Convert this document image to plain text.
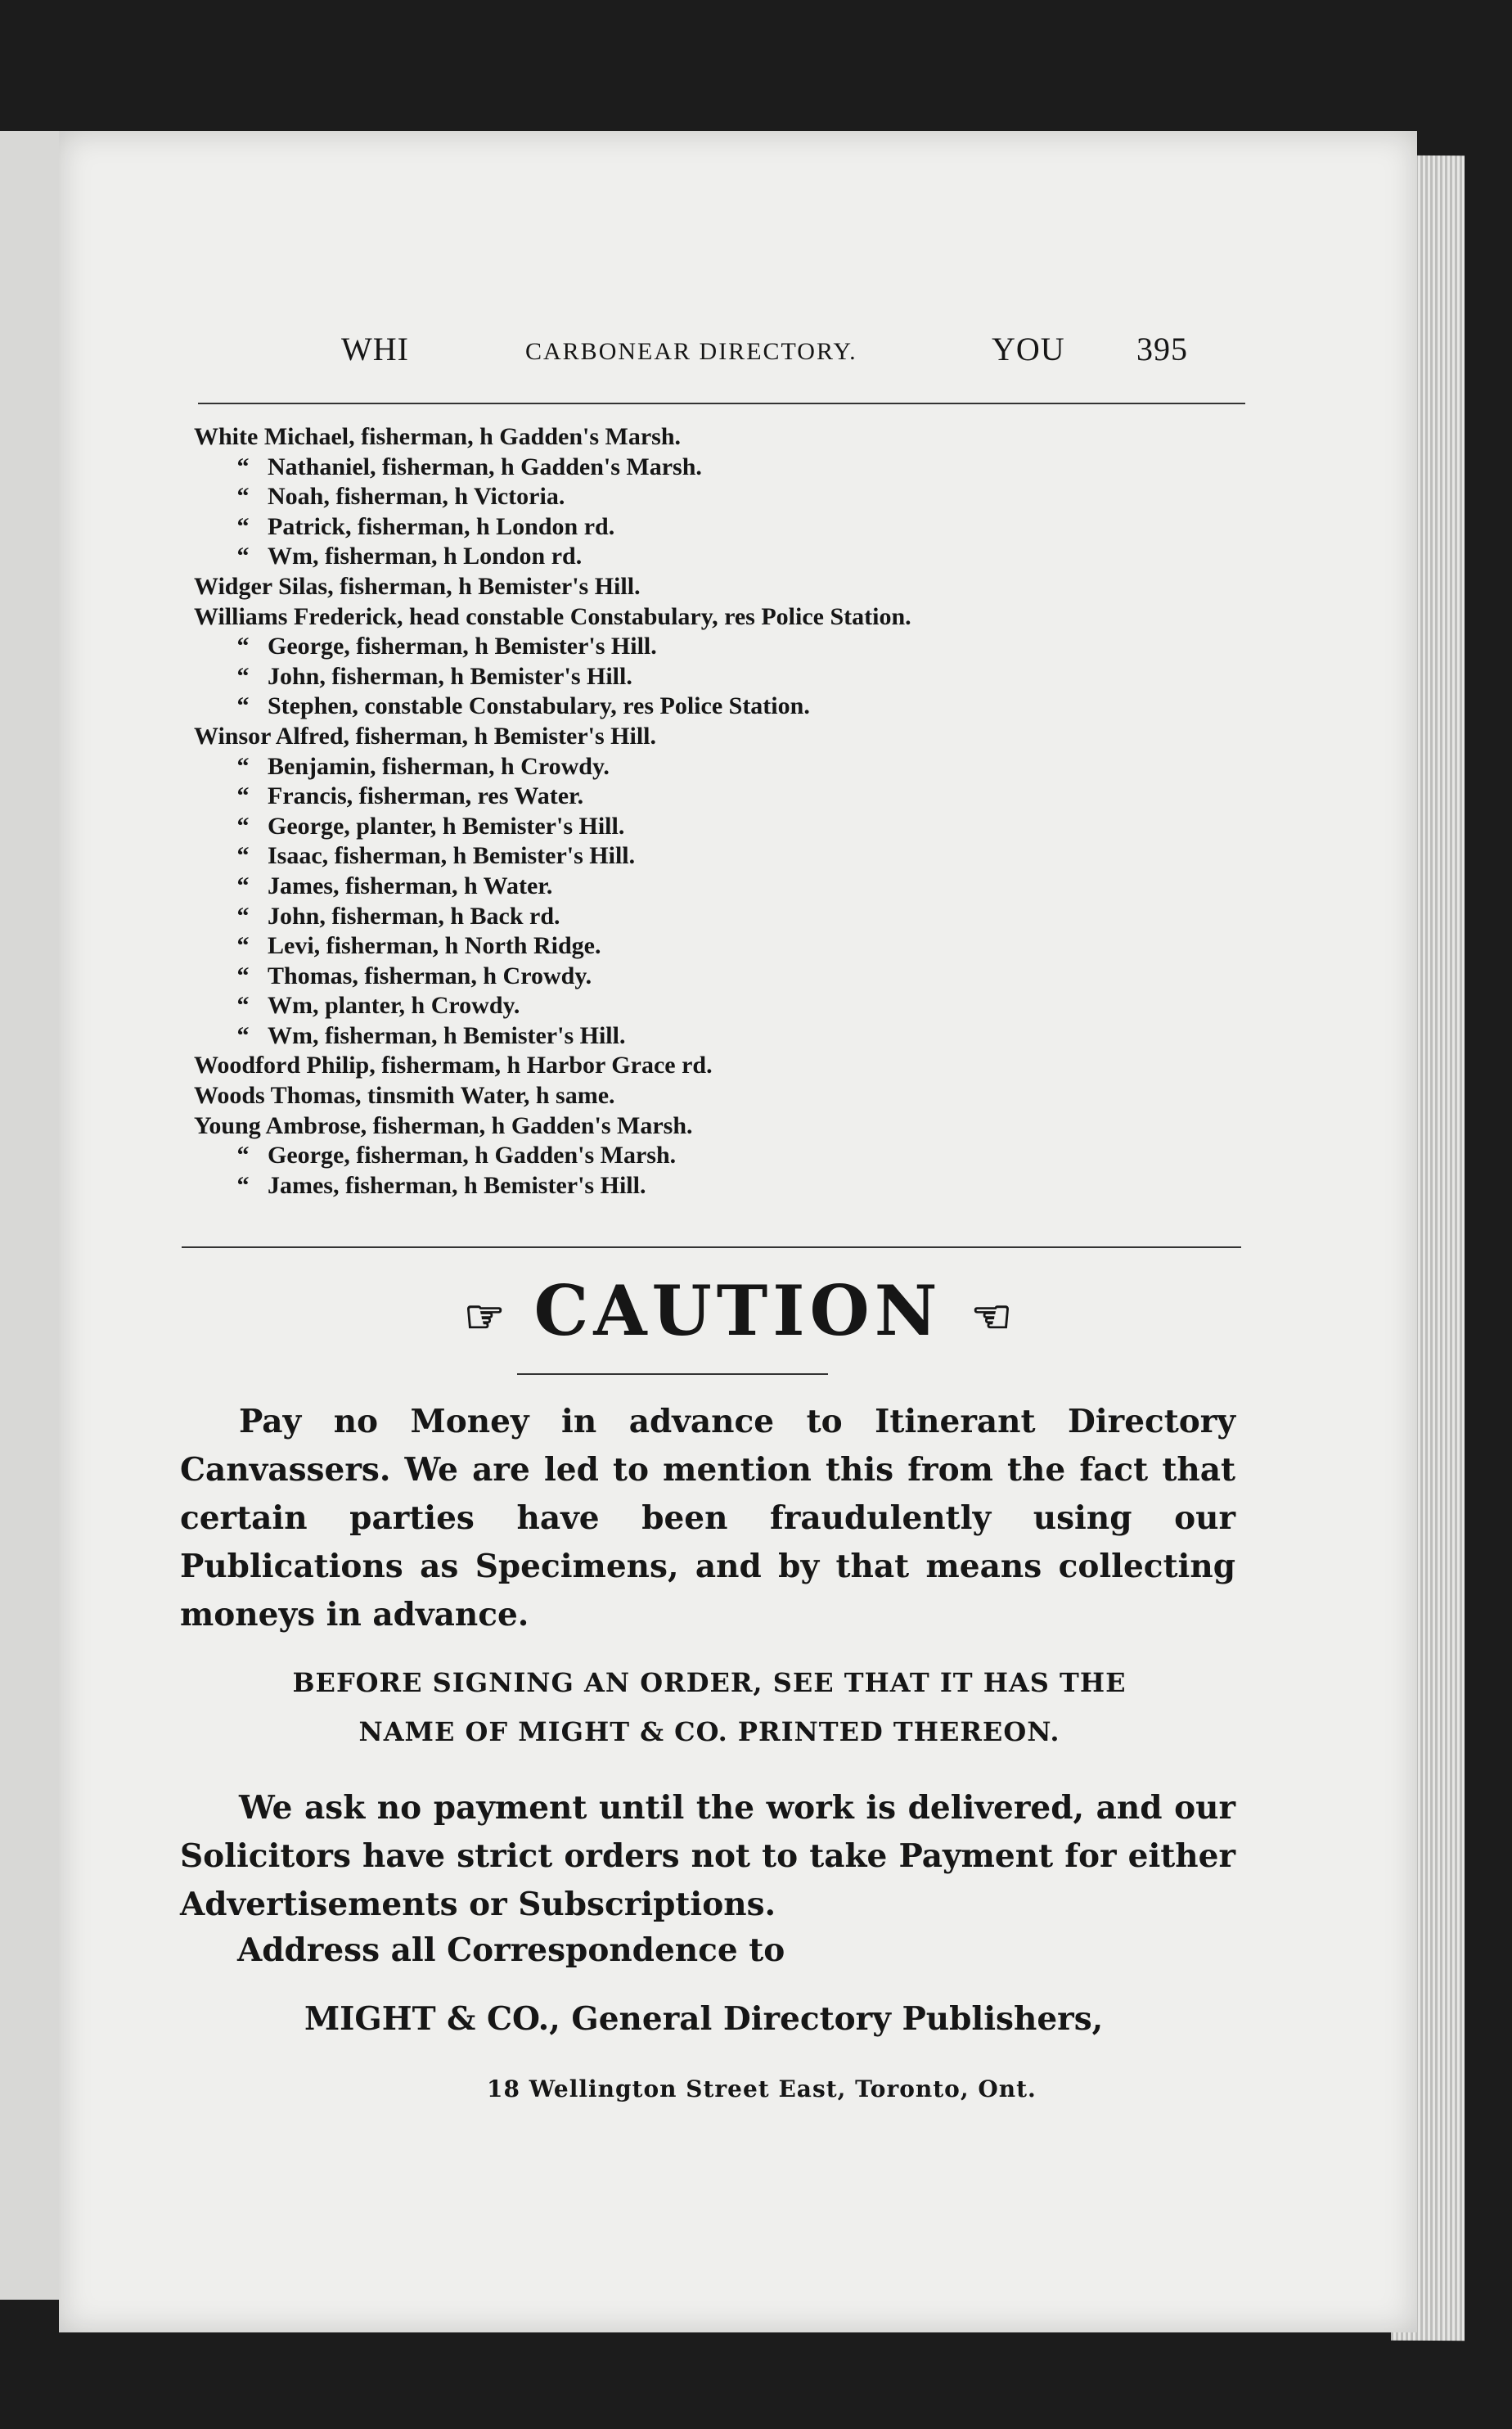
WHI	CARBONEAR DIRECTORY.	YOU 395
White Michael, fisherman, h Gadden's Marsh.
“ Nathaniel, fisherman, h Gadden's Marsh.
“ Noah, fisherman, h Victoria.
“ Patrick, fisherman, h London rd.
“ Wm, fisherman, h London rd.
Widger Silas, fisherman, h Bemister's Hill.
Williams Frederick, head constable Constabulary, res Police Station.
“ George, fisherman, h Bemister's Hill.
“ John, fisherman, h Bemister's Hill.
“ Stephen, constable Constabulary, res Police Station.
Winsor Alfred, fisherman, h Bemister's Hill.
“ Benjamin, fisherman, h Crowdy.
“ Francis, fisherman, res Water.
“ George, planter, h Bemister's Hill.
“ Isaac, fisherman, h Bemister's Hill.
“ James, fisherman, h Water.
“ John, fisherman, h Back rd.
“ Levi, fisherman, h North Ridge.
“ Thomas, fisherman, h Crowdy.
“ Wm, planter, h Crowdy.
“ Wm, fisherman, h Bemister's Hill.
Woodford Philip, fishermam, h Harbor Grace rd.
Woods Thomas, tinsmith Water, h same.
Young Ambrose, fisherman, h Gadden's Marsh.
“ George, fisherman, h Gadden's Marsh.
“ James, fisherman, h Bemister's Hill.
☞ CAUTION ☜
Pay no Money in advance to Itinerant Directory Canvassers. We are led to mention this from the fact that certain parties have been fraudulently using our Publications as Specimens, and by that means collecting moneys in advance.
BEFORE SIGNING AN ORDER, SEE THAT IT HAS THE
NAME OF MIGHT & CO. PRINTED THEREON.
We ask no payment until the work is delivered, and our Solicitors have strict orders not to take Payment for either Advertisements or Subscriptions.
Address all Correspondence to
MIGHT & CO., General Directory Publishers,
18 Wellington Street East, Toronto, Ont.
